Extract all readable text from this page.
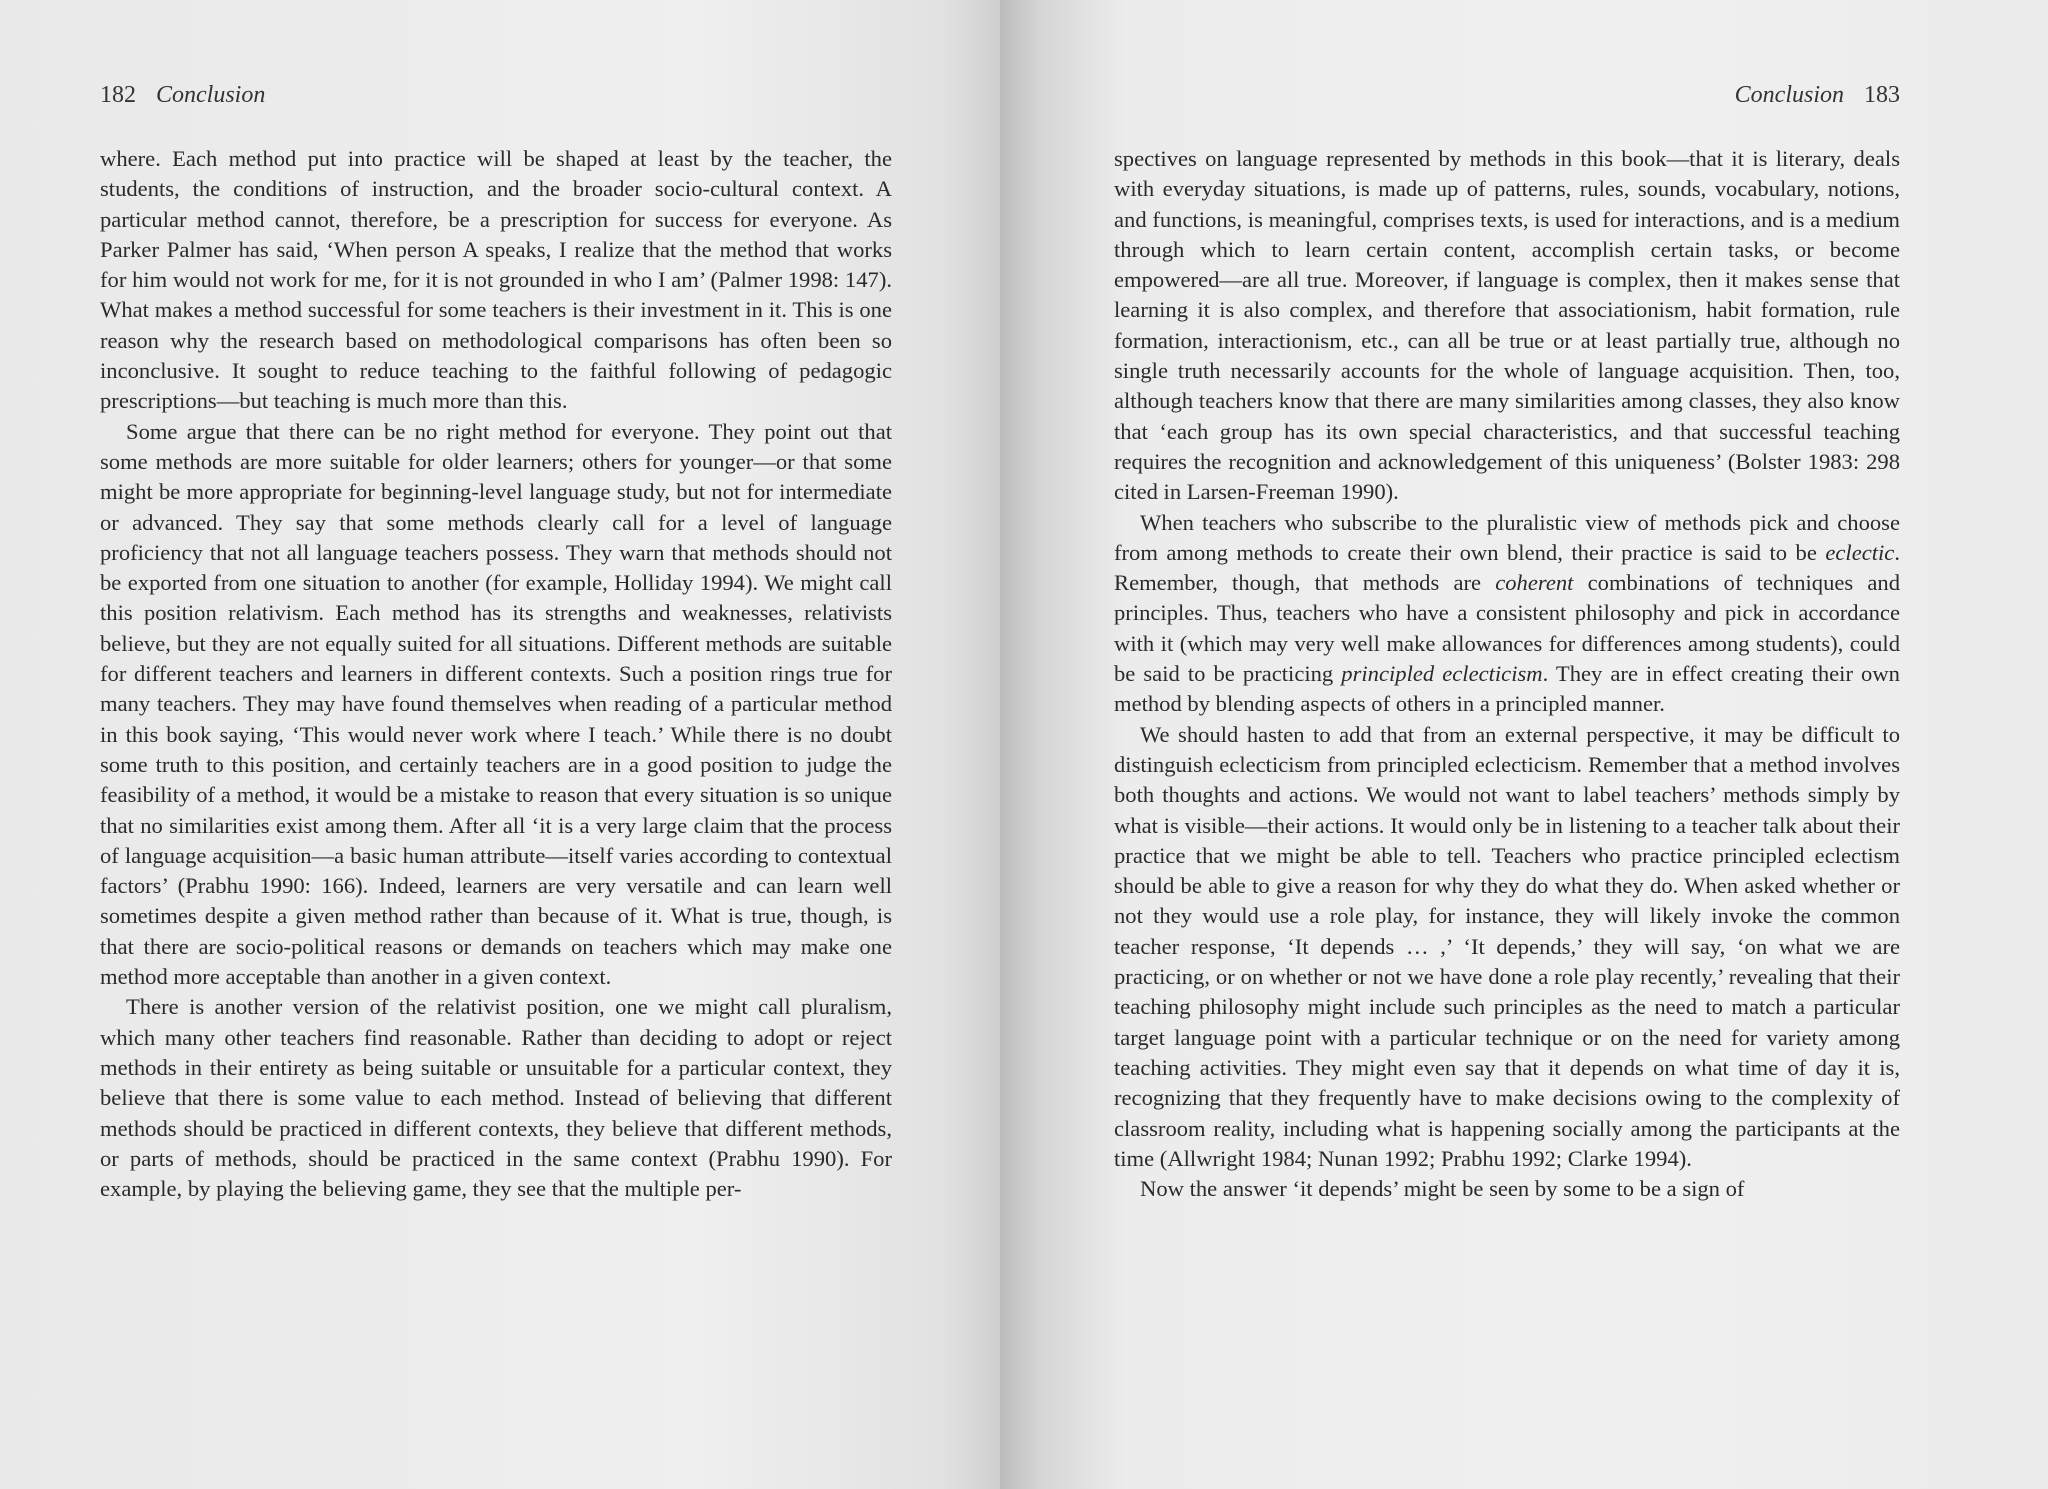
182 Conclusion

where. Each method put into practice will be shaped at least by the teacher, the students, the conditions of instruction, and the broader socio-cultural context. A particular method cannot, therefore, be a prescription for success for everyone. As Parker Palmer has said, ‘When person A speaks, I realize that the method that works for him would not work for me, for it is not grounded in who I am’ (Palmer 1998: 147). What makes a method successful for some teachers is their investment in it. This is one reason why the research based on methodological comparisons has often been so inconclusive. It sought to reduce teaching to the faithful following of pedagogic prescriptions—but teaching is much more than this.

Some argue that there can be no right method for everyone. They point out that some methods are more suitable for older learners; others for younger—or that some might be more appropriate for beginning-level language study, but not for intermediate or advanced. They say that some methods clearly call for a level of language proficiency that not all language teachers possess. They warn that methods should not be exported from one situation to another (for example, Holliday 1994). We might call this position relativism. Each method has its strengths and weaknesses, relativists believe, but they are not equally suited for all situations. Different methods are suitable for different teachers and learners in different contexts. Such a position rings true for many teachers. They may have found themselves when reading of a particular method in this book saying, ‘This would never work where I teach.’ While there is no doubt some truth to this position, and certainly teachers are in a good position to judge the feasibility of a method, it would be a mistake to reason that every situation is so unique that no similarities exist among them. After all ‘it is a very large claim that the process of language acquisition—a basic human attribute—itself varies according to contextual factors’ (Prabhu 1990: 166). Indeed, learners are very versatile and can learn well sometimes despite a given method rather than because of it. What is true, though, is that there are socio-political reasons or demands on teachers which may make one method more acceptable than another in a given context.

There is another version of the relativist position, one we might call pluralism, which many other teachers find reasonable. Rather than deciding to adopt or reject methods in their entirety as being suitable or unsuitable for a particular context, they believe that there is some value to each method. Instead of believing that different methods should be practiced in different contexts, they believe that different methods, or parts of methods, should be practiced in the same context (Prabhu 1990). For example, by playing the believing game, they see that the multiple per-

Conclusion 183

spectives on language represented by methods in this book—that it is literary, deals with everyday situations, is made up of patterns, rules, sounds, vocabulary, notions, and functions, is meaningful, comprises texts, is used for interactions, and is a medium through which to learn certain content, accomplish certain tasks, or become empowered—are all true. Moreover, if language is complex, then it makes sense that learning it is also complex, and therefore that associationism, habit formation, rule formation, interactionism, etc., can all be true or at least partially true, although no single truth necessarily accounts for the whole of language acquisition. Then, too, although teachers know that there are many similarities among classes, they also know that ‘each group has its own special characteristics, and that successful teaching requires the recognition and acknowledgement of this uniqueness’ (Bolster 1983: 298 cited in Larsen-Freeman 1990).

When teachers who subscribe to the pluralistic view of methods pick and choose from among methods to create their own blend, their practice is said to be eclectic. Remember, though, that methods are coherent combinations of techniques and principles. Thus, teachers who have a consistent philosophy and pick in accordance with it (which may very well make allowances for differences among students), could be said to be practicing principled eclecticism. They are in effect creating their own method by blending aspects of others in a principled manner.

We should hasten to add that from an external perspective, it may be difficult to distinguish eclecticism from principled eclecticism. Remember that a method involves both thoughts and actions. We would not want to label teachers’ methods simply by what is visible—their actions. It would only be in listening to a teacher talk about their practice that we might be able to tell. Teachers who practice principled eclectism should be able to give a reason for why they do what they do. When asked whether or not they would use a role play, for instance, they will likely invoke the common teacher response, ‘It depends … ,’ ‘It depends,’ they will say, ‘on what we are practicing, or on whether or not we have done a role play recently,’ revealing that their teaching philosophy might include such principles as the need to match a particular target language point with a particular technique or on the need for variety among teaching activities. They might even say that it depends on what time of day it is, recognizing that they frequently have to make decisions owing to the complexity of classroom reality, including what is happening socially among the participants at the time (Allwright 1984; Nunan 1992; Prabhu 1992; Clarke 1994).

Now the answer ‘it depends’ might be seen by some to be a sign of
